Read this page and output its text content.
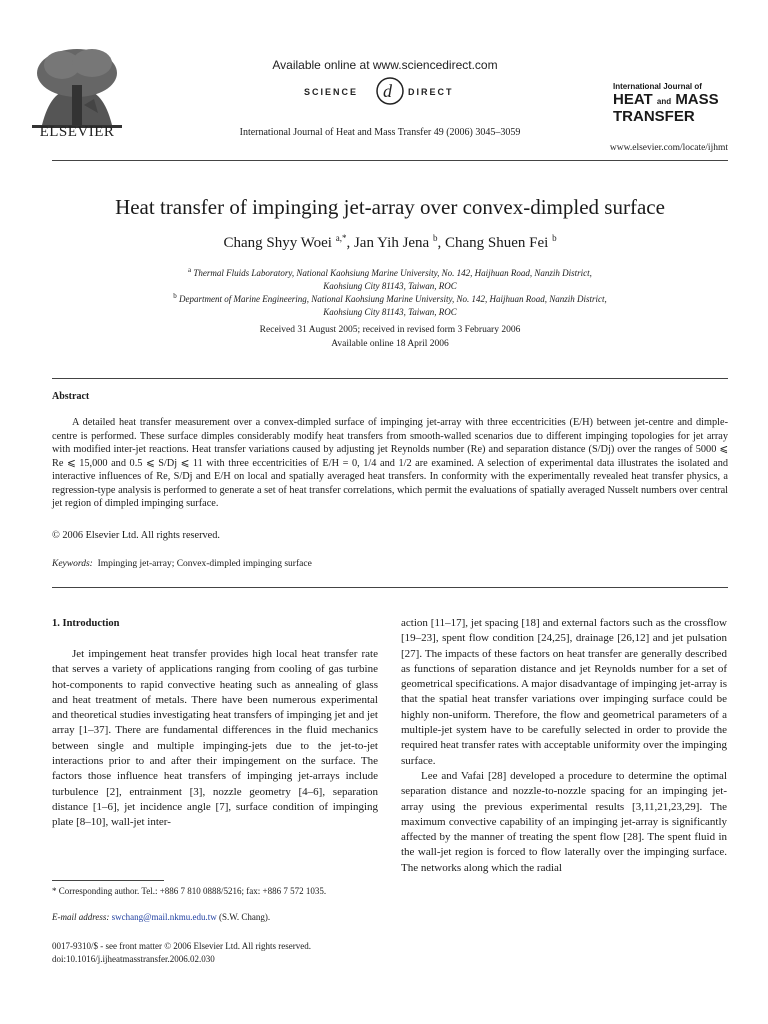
ELSEVIER
Available online at www.sciencedirect.com
SCIENCE d DIRECT
International Journal of Heat and Mass Transfer 49 (2006) 3045–3059
International Journal of
HEAT and MASS
TRANSFER
www.elsevier.com/locate/ijhmt
Heat transfer of impinging jet-array over convex-dimpled surface
Chang Shyy Woei $^{a,*}$, Jan Yih Jena $^b$, Chang Shuen Fei $^b$
$^a$ Thermal Fluids Laboratory, National Kaohsiung Marine University, No. 142, Haijhuan Road, Nanzih District,
Kaohsiung City 81143, Taiwan, ROC
$^b$ Department of Marine Engineering, National Kaohsiung Marine University, No. 142, Haijhuan Road, Nanzih District,
Kaohsiung City 81143, Taiwan, ROC
Received 31 August 2005; received in revised form 3 February 2006
Available online 18 April 2006
Abstract

A detailed heat transfer measurement over a convex-dimpled surface of impinging jet-array with three eccentricities (E/H) between jet-centre and dimple-centre is performed. These surface dimples considerably modify heat transfers from smooth-walled scenarios due to different impinging topologies for jet array with modified inter-jet reactions. Heat transfer variations caused by adjusting jet Reynolds number (Re) and separation distance (S/Dj) over the ranges of 5000 ⩽ Re ⩽ 15,000 and 0.5 ⩽ S/Dj ⩽ 11 with three eccentricities of E/H = 0, 1/4 and 1/2 are examined. A selection of experimental data illustrates the isolated and interactive influences of Re, S/Dj and E/H on local and spatially averaged heat transfers. In conformity with the experimentally revealed heat transfer physics, a regression-type analysis is performed to generate a set of heat transfer correlations, which permit the evaluations of spatially averaged Nusselt numbers over central jet region of dimpled impinging surface.

© 2006 Elsevier Ltd. All rights reserved.
Keywords: Impinging jet-array; Convex-dimpled impinging surface
1. Introduction

Jet impingement heat transfer provides high local heat transfer rate that serves a variety of applications ranging from cooling of gas turbine hot-components to rapid convective heating such as annealing of glass and heat treatment of metals. There have been numerous experimental and theoretical studies investigating heat transfers of impinging jet and jet array [1–37]. There are fundamental differences in the fluid mechanics between single and multiple impinging-jets due to the jet-to-jet interactions prior to and after their impingement on the surface. The factors those influence heat transfers of impinging jet-arrays include turbulence [2], entrainment [3], nozzle geometry [4–6], separation distance [1–6], jet incidence angle [7], surface condition of impinging plate [8–10], wall-jet inter-

action [11–17], jet spacing [18] and external factors such as the crossflow [19–23], spent flow condition [24,25], drainage [26,12] and jet pulsation [27]. The impacts of these factors on heat transfer are generally described as functions of separation distance and jet Reynolds number for a set of geometrical specifications. A major disadvantage of impinging jet-array is that the spatial heat transfer variations over impinging surface could be highly non-uniform. Therefore, the flow and geometrical parameters of a multiple-jet system have to be carefully selected in order to provide the required heat transfer rates with acceptable uniformity over the impinging surface.

Lee and Vafai [28] developed a procedure to determine the optimal separation distance and nozzle-to-nozzle spacing for an impinging jet-array using the previous experimental results [3,11,21,23,29]. The maximum convective capability of an impinging jet-array is significantly affected by the manner of treating the spent flow [28]. The spent fluid in the wall-jet region is forced to flow laterally over the impinging surface. The networks along which the radial

* Corresponding author. Tel.: +886 7 810 0888/5216; fax: +886 7 572 1035.
E-mail address: swchang@mail.nkmu.edu.tw (S.W. Chang).
0017-9310/$ - see front matter © 2006 Elsevier Ltd. All rights reserved.
doi:10.1016/j.ijheatmasstransfer.2006.02.030
